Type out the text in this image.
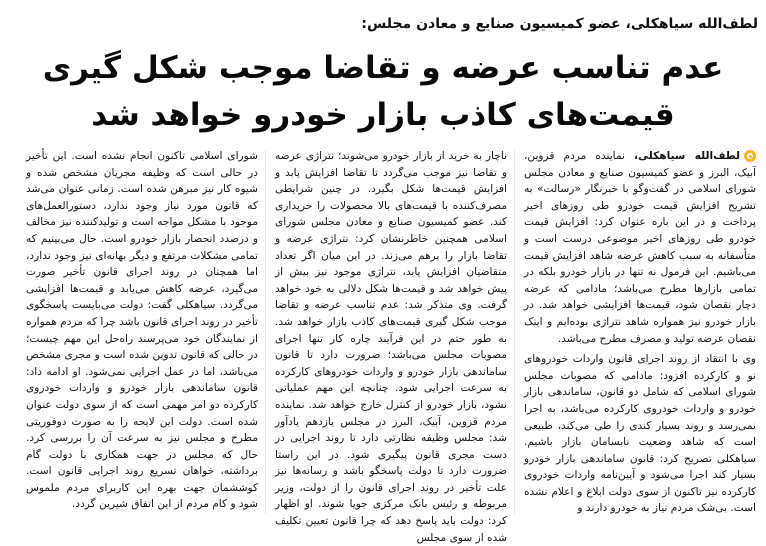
لطف‌الله سیاهکلی، عضو کمیسیون صنایع و معادن مجلس:
عدم تناسب عرضه و تقاضا موجب شکل گیری
قیمت‌های کاذب بازار خودرو خواهد شد

لطف‌الله سیاهکلی، نماینده مردم قزوین، آبیک، البرز و عضو کمیسیون صنایع و معادن مجلس شورای اسلامی در گفت‌وگو با خبرنگار «رسالت» به تشریح افزایش قیمت خودرو طی روزهای اخیر پرداخت و در این باره عنوان کرد: افزایش قیمت خودرو طی روزهای اخیر موضوعی درست است و متأسفانه به سبب کاهش عرضه شاهد افزایش قیمت می‌باشیم. این فرمول نه تنها در بازار خودرو بلکه در تمامی بازارها مطرح می‌باشد؛ مادامی که عرضه دچار نقصان شود، قیمت‌ها افزایشی خواهد شد. در بازار خودرو نیز همواره شاهد نتراژی بوده‌ایم و اینک نقصان عرضه تولید و مصرف مطرح می‌باشد.

وی با انتقاد از روند اجرای قانون واردات خودروهای نو و کارکرده افزود: مادامی که مصوبات مجلس شورای اسلامی که شامل دو قانون، ساماندهی بازار خودرو و واردات خودروی کارکرده می‌باشد، به اجرا نمی‌رسد و روند بسیار کندی را طی می‌کند، طبیعی است که شاهد وضعیت نابسامان بازار باشیم. سیاهکلی تصریح کرد: قانون ساماندهی بازار خودرو بسیار کند اجرا می‌شود و آیین‌نامه واردات خودروی کارکرده نیز تاکنون از سوی دولت ابلاغ و اعلام نشده است. بی‌شک مردم نیاز به خودرو دارند و

ناچار به خرید از بازار خودرو می‌شوند؛ نتراژی عرضه و تقاضا نیز موجب می‌گردد تا تقاضا افزایش یابد و افزایش قیمت‌ها شکل بگیرد. در چنین شرایطی مصرف‌کننده با قیمت‌های بالا محصولات را خریداری کند. عضو کمیسیون صنایع و معادن مجلس شورای اسلامی همچنین خاطرنشان کرد: نتراژی عرضه و تقاضا بازار را برهم می‌زند. در این میان اگر تعداد متقاضیان افزایش یابد، نتراژی موجود نیز بیش از پیش خواهد شد و قیمت‌ها شکل دلالی به خود خواهد گرفت. وی متذکر شد: عدم تناسب عرضه و تقاضا موجب شکل گیری قیمت‌های کاذب بازار خواهد شد. به طور حتم در این فرآیند چاره کار تنها اجرای مصوبات مجلس می‌باشد؛ ضرورت دارد تا قانون ساماندهی بازار خودرو و واردات خودروهای کارکرده به سرعت اجرایی شود. چنانچه این مهم عملیاتی نشود، بازار خودرو از کنترل خارج خواهد شد. نماینده مردم قزوین، آبیک، البرز در مجلس یازدهم یادآور شد: مجلس وظیفه نظارتی دارد تا روند اجرایی در دست مجری قانون پیگیری شود. در این راستا ضرورت دارد تا دولت پاسخگو باشد و رسانه‌ها نیز علت تأخیر در روند اجرای قانون را از دولت، وزیر مربوطه و رئیس بانک مرکزی جویا شوند. او اظهار کرد: دولت باید پاسخ دهد که چرا قانون تعیین تکلیف شده از سوی مجلس

شورای اسلامی تاکنون انجام نشده است. این تأخیر در حالی است که وظیفه مجریان مشخص شده و شیوه کار نیز مبرهن شده است. زمانی عنوان می‌شد که قانون مورد نیاز وجود ندارد، دستورالعمل‌های موجود با مشکل مواجه است و تولیدکننده نیز مخالف و درصدد انحصار بازار خودرو است. حال می‌بینیم که تمامی مشکلات مرتفع و دیگر بهانه‌ای نیز وجود ندارد، اما همچنان در روند اجرای قانون تأخیر صورت می‌گیرد، عرضه کاهش می‌یابد و قیمت‌ها افزایشی می‌گردد. سیاهکلی گفت: دولت می‌بایست پاسخگوی تأخیر در روند اجرای قانون باشد چرا که مردم همواره از نمایندگان خود می‌پرسند راه‌حل این مهم چیست؛ در حالی که قانون تدوین شده است و مجری مشخص می‌باشد، اما در عمل اجرایی نمی‌شود. او ادامه داد: قانون ساماندهی بازار خودرو و واردات خودروی کارکرده دو امر مهمی است که از سوی دولت عنوان شده است. دولت این لایحه را به صورت دوفوریتی مطرح و مجلس نیز به سرعت آن را بررسی کرد. حال که مجلس در جهت همکاری با دولت گام برداشته، خواهان تسریع روند اجرایی قانون است. کوششمان جهت بهره این کاربرای مردم ملموس شود و کام مردم از این اتفاق شیرین گردد.
